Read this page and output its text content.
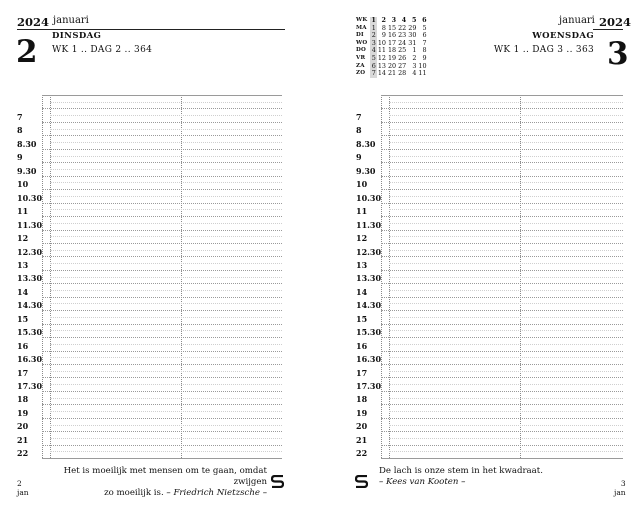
2024 januari
2 DINSDAG
WK 1 .. DAG 2 .. 364
7
8
8.30
9
9.30
10
10.30
11
11.30
12
12.30
13
13.30
14
14.30
15
15.30
16
16.30
17
17.30
18
19
20
21
22
Het is moeilijk met mensen om te gaan, omdat zwijgen
zo moeilijk is. – Friedrich Nietzsche –
2
jan
WK	1	2	3	4	5	6
MA	1	8	15	22	29	5
DI	2	9	16	23	30	6
WO	3	10	17	24	31	7
DO	4	11	18	25	1	8
VR	5	12	19	26	2	9
ZA	6	13	20	27	3	10
ZO	7	14	21	28	4	11
januari 2024
WOENSDAG
WK 1 .. DAG 3 .. 363 3
7
8
8.30
9
9.30
10
10.30
11
11.30
12
12.30
13
13.30
14
14.30
15
15.30
16
16.30
17
17.30
18
19
20
21
22
De lach is onze stem in het kwadraat.
– Kees van Kooten –	3
jan
